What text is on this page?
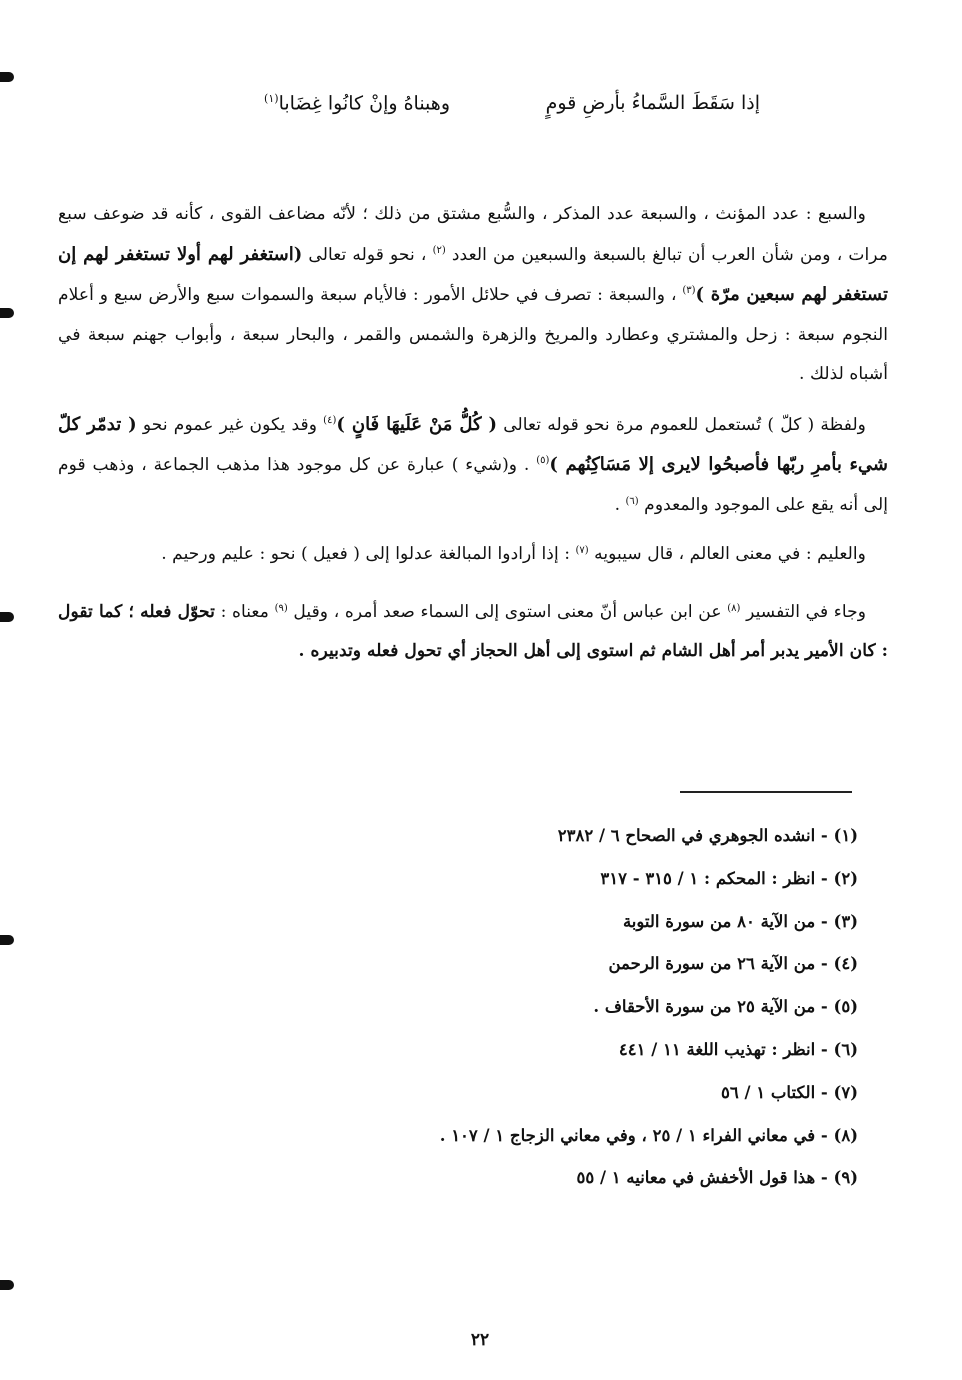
إذا سَقَطَ السَّماءُ بأرضِ قومٍ
وهبناهُ وإنْ كانُوا غِضَابا$^{(١)}$

والسبع : عدد المؤنث ، والسبعة عدد المذكر ، والسُّبع مشتق من ذلك ؛ لأنّه مضاعف القوى ، كأنه قد ضوعف سبع مرات ، ومن شأن العرب أن تبالغ بالسبعة والسبعين من العدد $^{(٢)}$ ، نحو قوله تعالى (استغفر لهم أولا تستغفر لهم إن تستغفر لهم سبعين مرّة )$^{(٣)}$ ، والسبعة : تصرف في حلائل الأمور : فالأيام سبعة والسموات سبع والأرض سبع و أعلام النجوم سبعة : زحل والمشتري وعطارد والمريخ والزهرة والشمس والقمر ، والبحار سبعة ، وأبواب جهنم سبعة في أشباه لذلك .

ولفظة ( كلّ ) تُستعمل للعموم مرة نحو قوله تعالى ( كُلُّ مَنْ عَلَيهَا فَانٍ )$^{(٤)}$ وقد يكون غير عموم نحو ( تدمّر كلّ شيء بأمرِ ربّها فأصبحُوا لايرى إلا مَسَاكِنُهم )$^{(٥)}$ . و(شيء ) عبارة عن كل موجود هذا مذهب الجماعة ، وذهب قوم إلى أنه يقع على الموجود والمعدوم $^{(٦)}$ .

والعليم : في معنى العالم ، قال سيبويه $^{(٧)}$ : إذا أرادوا المبالغة عدلوا إلى ( فعيل ) نحو : عليم ورحيم .

وجاء في التفسير $^{(٨)}$ عن ابن عباس أنّ معنى استوى إلى السماء صعد أمره ، وقيل $^{(٩)}$ معناه : تحوّل فعله ؛ كما تقول : كان الأمير يدبر أمر أهل الشام ثم استوى إلى أهل الحجاز أي تحول فعله وتدبيره .

(١) - انشده الجوهري في الصحاح ٦ / ٢٣٨٢
(٢) - انظر : المحكم : ١ / ٣١٥ - ٣١٧
(٣) - من الآية ٨٠ من سورة التوبة
(٤) - من الآية ٢٦ من سورة الرحمن
(٥) - من الآية ٢٥ من سورة الأحقاف .
(٦) - انظر : تهذيب اللغة ١١ / ٤٤١
(٧) - الكتاب ١ / ٥٦
(٨) - في معاني الفراء ١ / ٢٥ ، وفي معاني الزجاج ١ / ١٠٧ .
(٩) - هذا قول الأخفش في معانيه ١ / ٥٥
٢٢
